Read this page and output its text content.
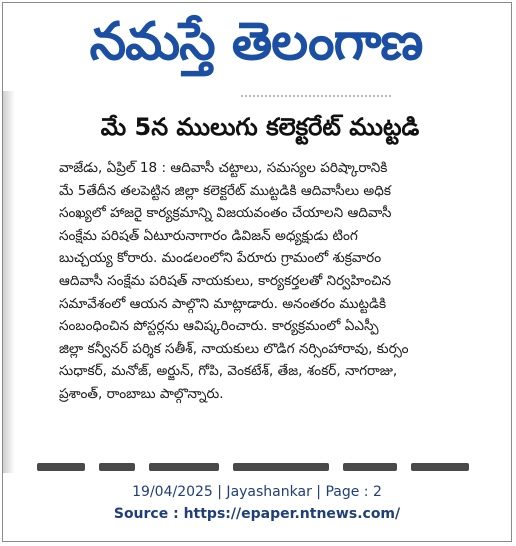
నమస్తే తెలంగాణ
మే 5న ములుగు కలెక్టరేట్ ముట్టడి
వాజేడు, ఏప్రిల్ 18 : ఆదివాసీ చట్టాలు, సమస్యల పరిష్కారానికి
మే 5తేదీన తలపెట్టిన జిల్లా కలెక్టరేట్ ముట్టడికి ఆదివాసీలు అధిక
సంఖ్యలో హాజరై కార్యక్రమాన్ని విజయవంతం చేయాలని ఆదివాసీ
సంక్షేమ పరిషత్ ఏటూరునాగారం డివిజన్ అధ్యక్షుడు టింగ
బుచ్చయ్య కోరారు. మండలంలోని పేరూరు గ్రామంలో శుక్రవారం
ఆదివాసీ సంక్షేమ పరిషత్ నాయకులు, కార్యకర్తలతో నిర్వహించిన
సమావేశంలో ఆయన పాల్గొని మాట్లాడారు. అనంతరం ముట్టడికి
సంబంధించిన పోస్టర్లను ఆవిష్కరించారు. కార్యక్రమంలో ఏఎస్పీ
జిల్లా కన్వీనర్ పర్శిక సతీశ్, నాయకులు లొడిగ నర్సింహారావు, కుర్సం
సుధాకర్, మనోజ్, అర్జున్, గోపి, వెంకటేశ్, తేజ, శంకర్, నాగరాజు,
ప్రశాంత్, రాంబాబు పాల్గొన్నారు.
19/04/2025 | Jayashankar | Page : 2
Source : https://epaper.ntnews.com/
